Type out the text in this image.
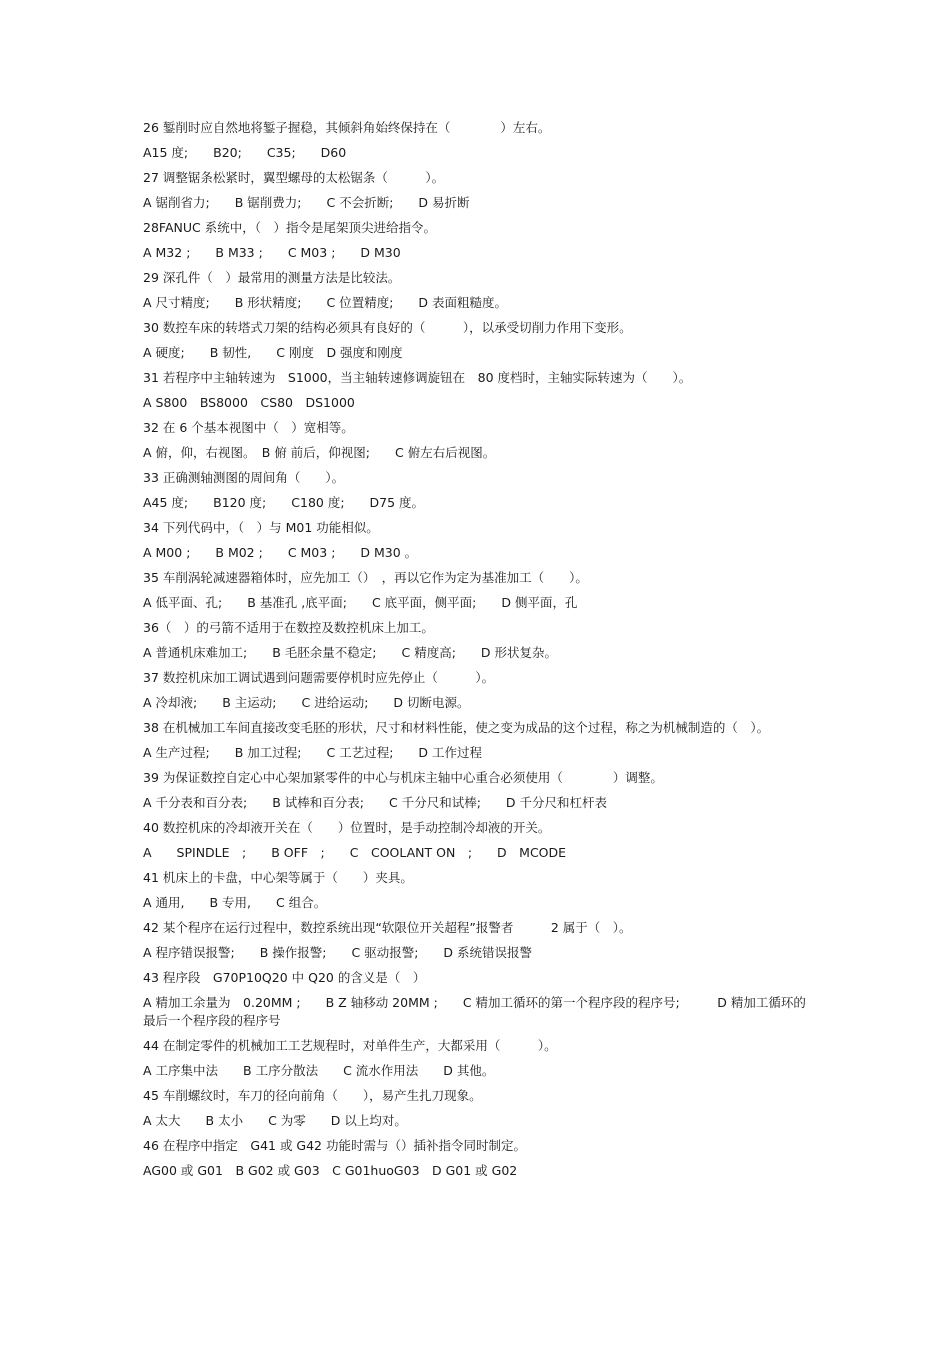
26 錾削时应自然地将錾子握稳，其倾斜角始终保持在（　　　　）左右。
A15 度;　　B20;　　C35;　　D60
27 调整锯条松紧时，翼型螺母的太松锯条（　　　）。
A 锯削省力;　　B 锯削费力;　　C 不会折断;　　D 易折断
28FANUC 系统中，（　）指令是尾架顶尖进给指令。
A M32 ;　　B M33 ;　　C M03 ;　　D M30
29 深孔件（　）最常用的测量方法是比较法。
A 尺寸精度;　　B 形状精度;　　C 位置精度;　　D 表面粗糙度。
30 数控车床的转塔式刀架的结构必须具有良好的（　　　），以承受切削力作用下变形。
A 硬度;　　B 韧性,　　C 刚度　D 强度和刚度
31 若程序中主轴转速为　S1000，当主轴转速修调旋钮在　80 度档时，主轴实际转速为（　　）。
A S800　BS8000　CS80　DS1000
32 在 6 个基本视图中（　）宽相等。
A 俯，仰，右视图。　B 俯 前后，仰视图;　　C 俯左右后视图。
33 正确测轴测图的周间角（　　）。
A45 度;　　B120 度;　　C180 度;　　D75 度。
34 下列代码中，（　）与 M01 功能相似。
A M00 ;　　B M02 ;　　C M03 ;　　D M30 。
35 车削涡轮减速器箱体时，应先加工（）　，再以它作为定为基准加工（　　）。
A 低平面、孔;　　B 基准孔 ,底平面;　　C 底平面，侧平面;　　D 侧平面，孔
36（　）的弓箭不适用于在数控及数控机床上加工。
A 普通机床难加工;　　B 毛胚余量不稳定;　　C 精度高;　　D 形状复杂。
37 数控机床加工调试遇到问题需要停机时应先停止（　　　）。
A 冷却液;　　B 主运动;　　C 进给运动;　　D 切断电源。
38 在机械加工车间直接改变毛胚的形状，尺寸和材料性能，使之变为成品的这个过程，称之为机械制造的（　）。
A 生产过程;　　B 加工过程;　　C 工艺过程;　　D 工作过程
39 为保证数控自定心中心架加紧零件的中心与机床主轴中心重合必须使用（　　　　）调整。
A 千分表和百分表;　　B 试棒和百分表;　　C 千分尺和试棒;　　D 千分尺和杠杆表
40 数控机床的冷却液开关在（　　）位置时，是手动控制冷却液的开关。
A　　SPINDLE　;　　B OFF　;　　C　COOLANT ON　;　　D　MCODE
41 机床上的卡盘，中心架等属于（　　）夹具。
A 通用,　　B 专用,　　C 组合。
42 某个程序在运行过程中，数控系统出现“软限位开关超程”报警者　　　2 属于（　）。
A 程序错误报警;　　B 操作报警;　　C 驱动报警;　　D 系统错误报警
43 程序段　G70P10Q20 中 Q20 的含义是（　）
A 精加工余量为　0.20MM ;　　B Z 轴移动 20MM ;　　C 精加工循环的第一个程序段的程序号;　　　D 精加工循环的最后一个程序段的程序号
44 在制定零件的机械加工工艺规程时，对单件生产，大都采用（　　　）。
A 工序集中法　　B 工序分散法　　C 流水作用法　　D 其他。
45 车削螺纹时，车刀的径向前角（　　），易产生扎刀现象。
A 太大　　B 太小　　C 为零　　D 以上均对。
46 在程序中指定　G41 或 G42 功能时需与（）插补指令同时制定。
AG00 或 G01　B G02 或 G03　C G01huoG03　D G01 或 G02
